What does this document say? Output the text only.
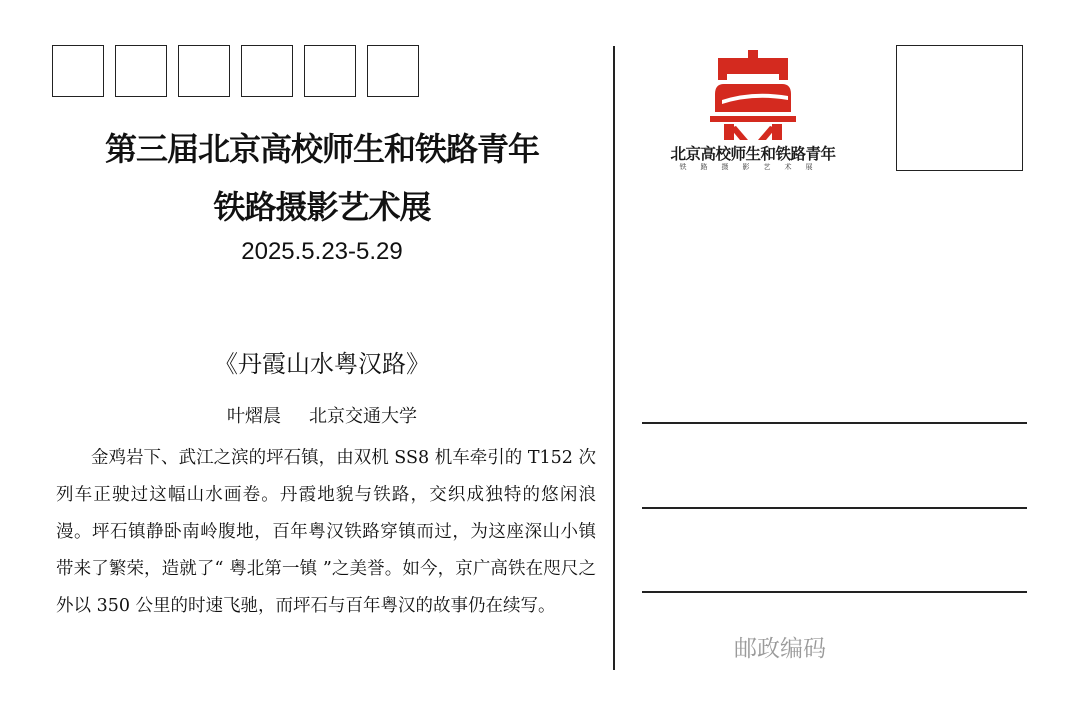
第三届北京高校师生和铁路青年
铁路摄影艺术展
2025.5.23-5.29
《丹霞山水粤汉路》
叶熠晨 北京交通大学

金鸡岩下、武江之滨的坪石镇，由双机 SS8 机车牵引的 T152 次列车正驶过这幅山水画卷。丹霞地貌与铁路，交织成独特的悠闲浪漫。坪石镇静卧南岭腹地，百年粤汉铁路穿镇而过，为这座深山小镇带来了繁荣，造就了“ 粤北第一镇 ”之美誉。如今，京广高铁在咫尺之外以 350 公里的时速飞驰，而坪石与百年粤汉的故事仍在续写。

北京高校师生和铁路青年
铁路摄影艺术展
邮政编码
